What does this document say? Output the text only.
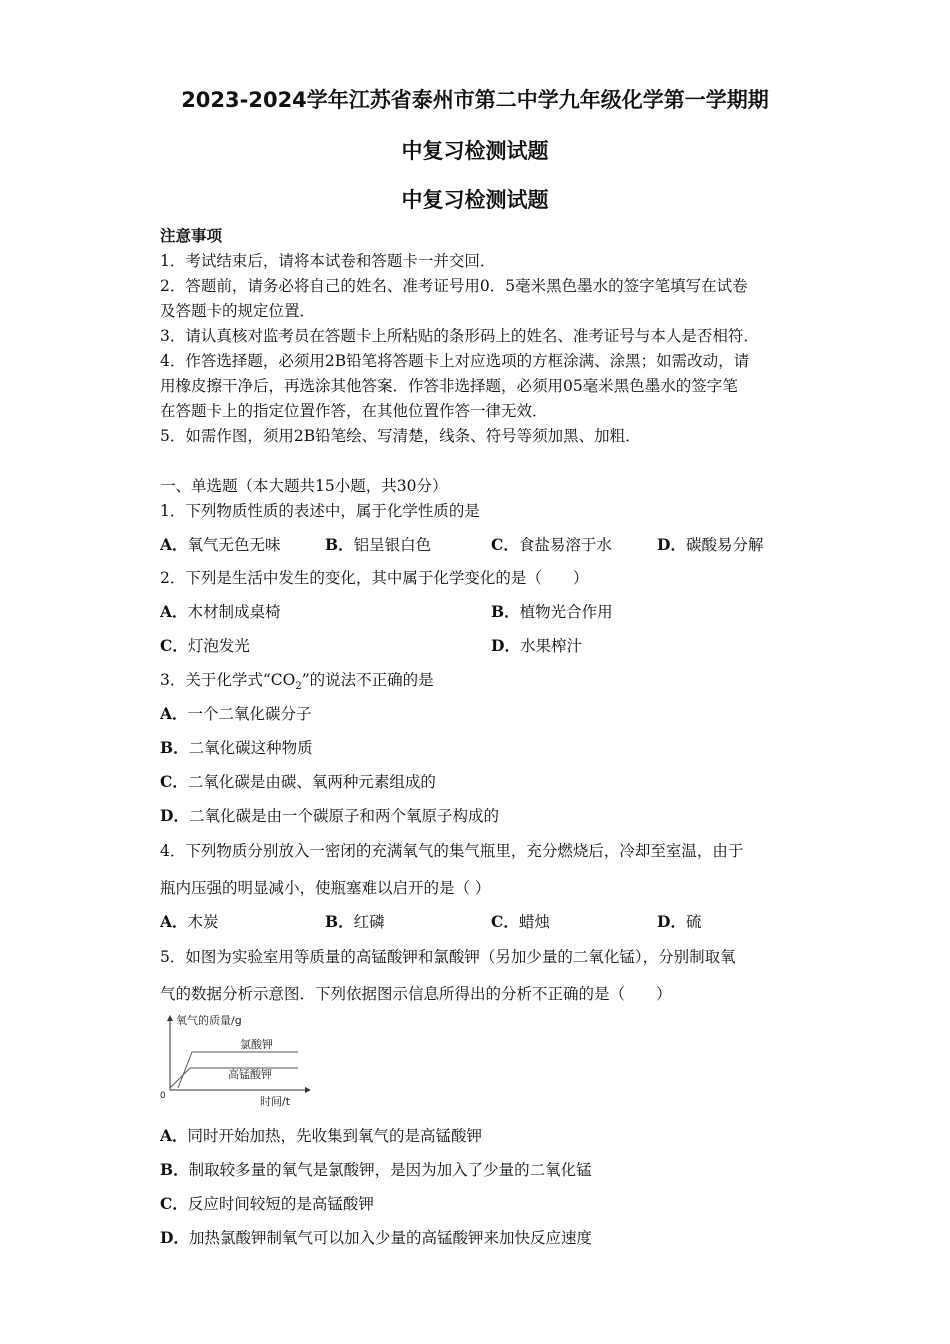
2023-2024学年江苏省泰州市第二中学九年级化学第一学期期
中复习检测试题
中复习检测试题
注意事项
1．考试结束后，请将本试卷和答题卡一并交回．
2．答题前，请务必将自己的姓名、准考证号用0．5毫米黑色墨水的签字笔填写在试卷
及答题卡的规定位置．
3．请认真核对监考员在答题卡上所粘贴的条形码上的姓名、准考证号与本人是否相符．
4．作答选择题，必须用2B铅笔将答题卡上对应选项的方框涂满、涂黑；如需改动，请
用橡皮擦干净后，再选涂其他答案．作答非选择题，必须用05毫米黑色墨水的签字笔
在答题卡上的指定位置作答，在其他位置作答一律无效．
5．如需作图，须用2B铅笔绘、写清楚，线条、符号等须加黑、加粗．
一、单选题（本大题共15小题，共30分）
1．下列物质性质的表述中，属于化学性质的是
A．氧气无色无味	B．铝呈银白色	C．食盐易溶于水	D．碳酸易分解
2．下列是生活中发生的变化，其中属于化学变化的是（　　）
A．木材制成桌椅	B．植物光合作用
C．灯泡发光	D．水果榨汁
3．关于化学式“$CO_2$”的说法不正确的是
A．一个二氧化碳分子
B．二氧化碳这种物质
C．二氧化碳是由碳、氧两种元素组成的
D．二氧化碳是由一个碳原子和两个氧原子构成的
4．下列物质分别放入一密闭的充满氧气的集气瓶里，充分燃烧后，冷却至室温，由于
瓶内压强的明显减小，使瓶塞难以启开的是（ ）
A．木炭	B．红磷	C．蜡烛	D．硫
5．如图为实验室用等质量的高锰酸钾和氯酸钾（另加少量的二氧化锰），分别制取氧
气的数据分析示意图．下列依据图示信息所得出的分析不正确的是（　　）
氧气的质量/g
0	时间/t
氯酸钾
高锰酸钾
A．同时开始加热，先收集到氧气的是高锰酸钾
B．制取较多量的氧气是氯酸钾，是因为加入了少量的二氧化锰
C．反应时间较短的是高锰酸钾
D．加热氯酸钾制氧气可以加入少量的高锰酸钾来加快反应速度
